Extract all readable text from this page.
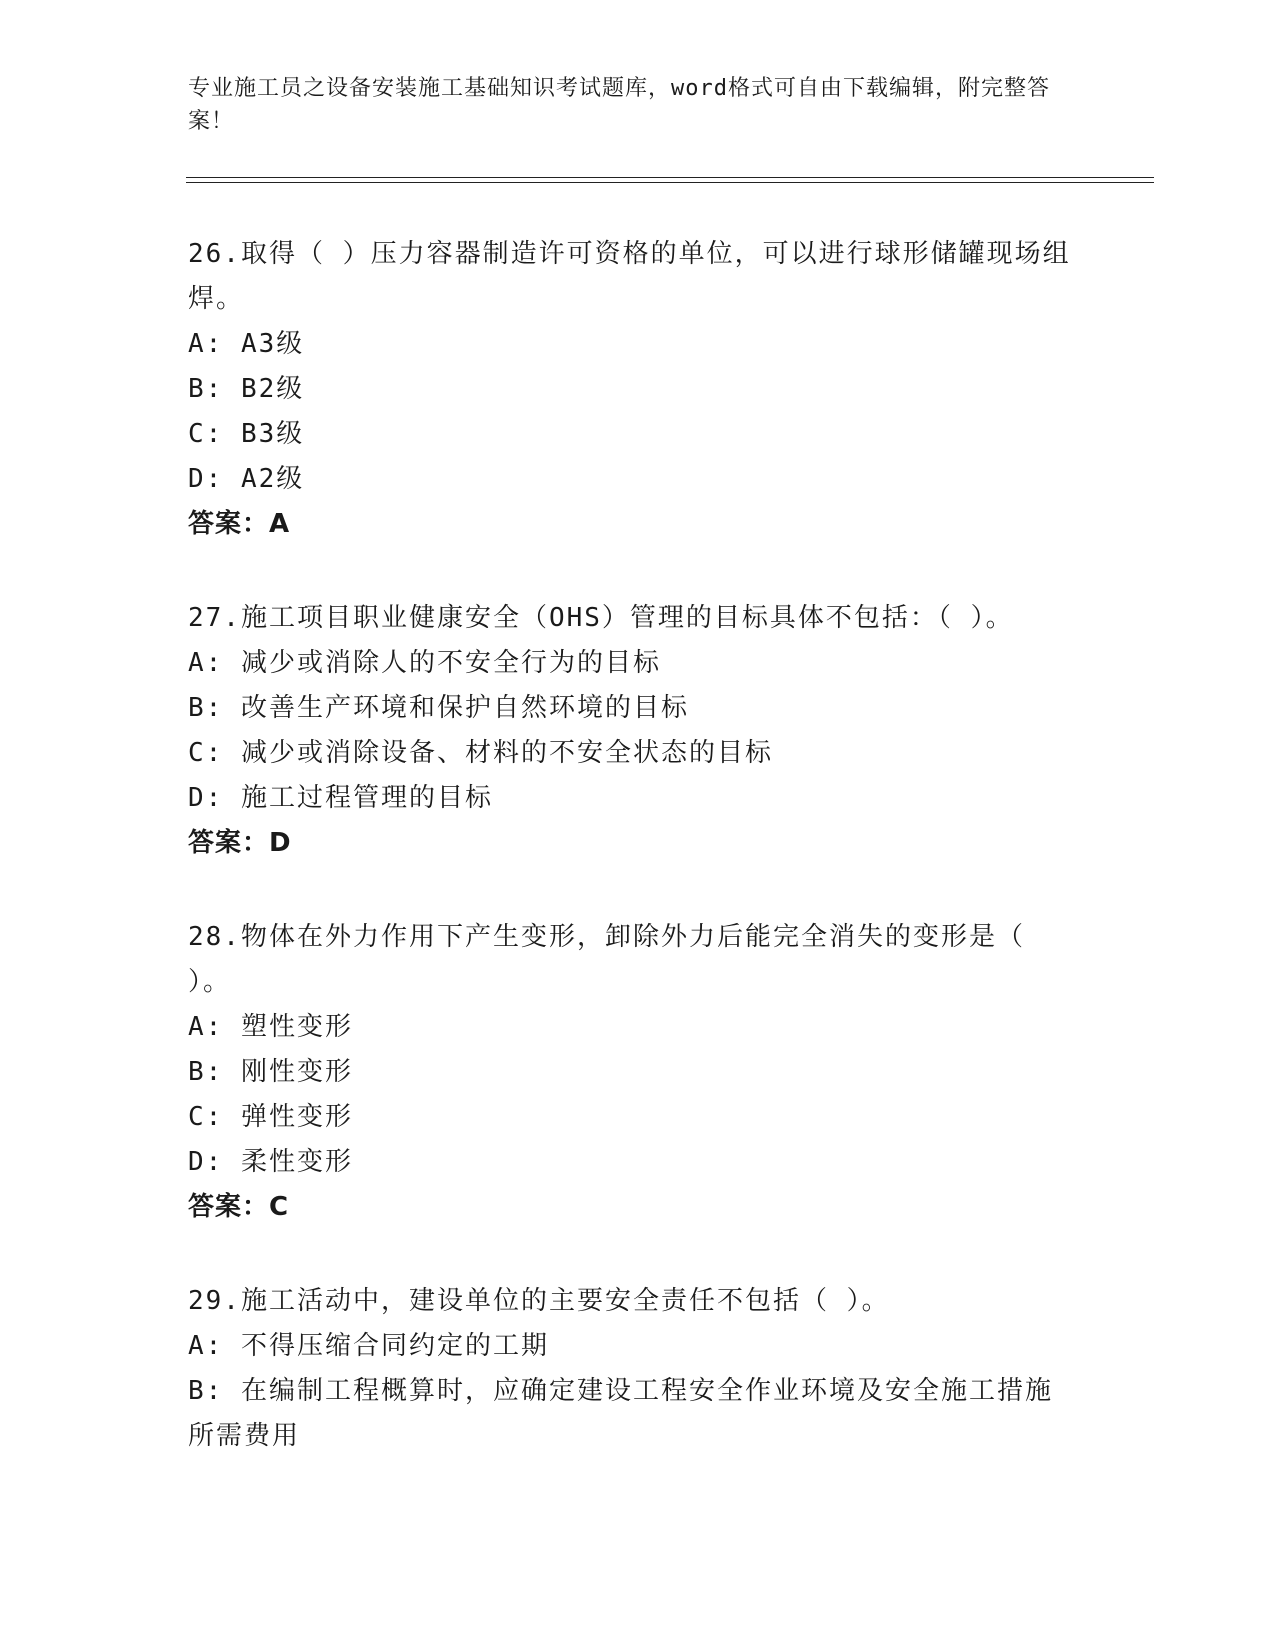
专业施工员之设备安装施工基础知识考试题库，word格式可自由下载编辑，附完整答案！
26.取得（ ）压力容器制造许可资格的单位，可以进行球形储罐现场组焊。
A: A3级
B: B2级
C: B3级
D: A2级
答案：A
27.施工项目职业健康安全（OHS）管理的目标具体不包括：（ ）。
A: 减少或消除人的不安全行为的目标
B: 改善生产环境和保护自然环境的目标
C: 减少或消除设备、材料的不安全状态的目标
D: 施工过程管理的目标
答案：D
28.物体在外力作用下产生变形，卸除外力后能完全消失的变形是（ ）。
A: 塑性变形
B: 刚性变形
C: 弹性变形
D: 柔性变形
答案：C
29.施工活动中，建设单位的主要安全责任不包括（ ）。
A: 不得压缩合同约定的工期
B: 在编制工程概算时，应确定建设工程安全作业环境及安全施工措施所需费用
